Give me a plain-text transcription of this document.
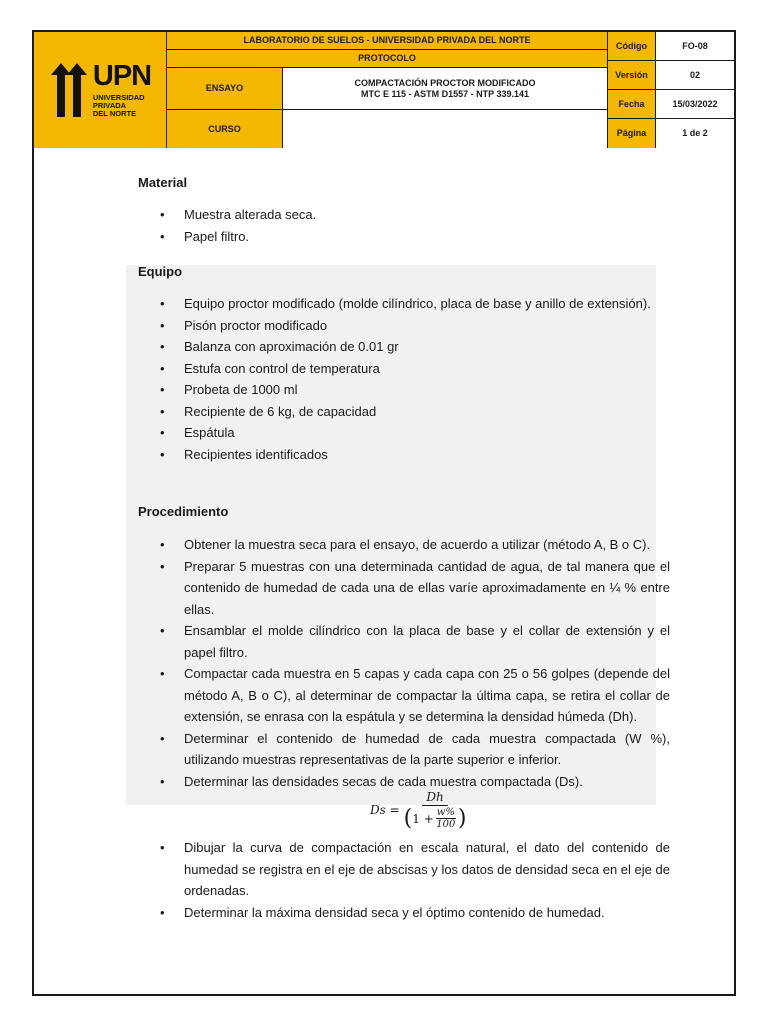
UPN
UNIVERSIDAD
PRIVADA
DEL NORTE
LABORATORIO DE SUELOS - UNIVERSIDAD PRIVADA DEL NORTE
PROTOCOLO
ENSAYO
COMPACTACIÓN PROCTOR MODIFICADO
MTC E 115 - ASTM D1557 - NTP 339.141
CURSO
Código	FO-08
Versión	02
Fecha	15/03/2022
Página	1 de 2
Material
• Muestra alterada seca.
• Papel filtro.
Equipo
• Equipo proctor modificado (molde cilíndrico, placa de base y anillo de extensión).
• Pisón proctor modificado
• Balanza con aproximación de 0.01 gr
• Estufa con control de temperatura
• Probeta de 1000 ml
• Recipiente de 6 kg, de capacidad
• Espátula
• Recipientes identificados
Procedimiento
• Obtener la muestra seca para el ensayo, de acuerdo a utilizar (método A, B o C).
• Preparar 5 muestras con una determinada cantidad de agua, de tal manera que el contenido de humedad de cada una de ellas varíe aproximadamente en ¼ % entre ellas.
• Ensamblar el molde cilíndrico con la placa de base y el collar de extensión y el papel filtro.
• Compactar cada muestra en 5 capas y cada capa con 25 o 56 golpes (depende del método A, B o C), al determinar de compactar la última capa, se retira el collar de extensión, se enrasa con la espátula y se determina la densidad húmeda (Dh).
• Determinar el contenido de humedad de cada muestra compactada (W %), utilizando muestras representativas de la parte superior e inferior.
• Determinar las densidades secas de cada muestra compactada (Ds).
Ds =
Dh
( $1 + \frac{w\%}{100}$ )
• Dibujar la curva de compactación en escala natural, el dato del contenido de humedad se registra en el eje de abscisas y los datos de densidad seca en el eje de ordenadas.
• Determinar la máxima densidad seca y el óptimo contenido de humedad.
